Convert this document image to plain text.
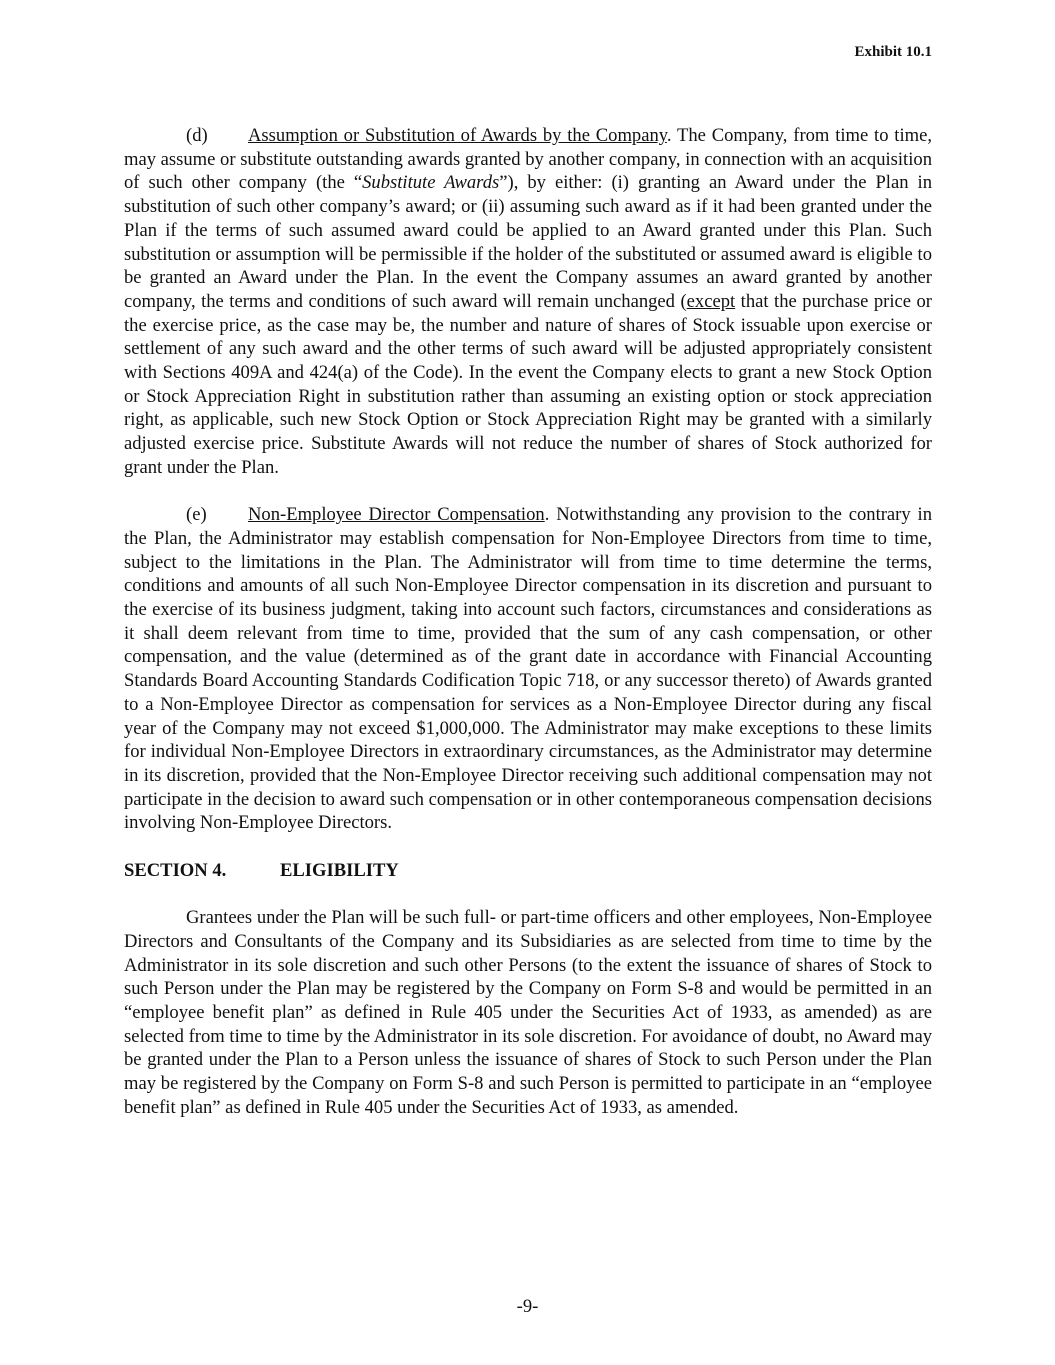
Exhibit 10.1

(d) Assumption or Substitution of Awards by the Company. The Company, from time to time, may assume or substitute outstanding awards granted by another company, in connection with an acquisition of such other company (the “Substitute Awards”), by either: (i) granting an Award under the Plan in substitution of such other company’s award; or (ii) assuming such award as if it had been granted under the Plan if the terms of such assumed award could be applied to an Award granted under this Plan. Such substitution or assumption will be permissible if the holder of the substituted or assumed award is eligible to be granted an Award under the Plan. In the event the Company assumes an award granted by another company, the terms and conditions of such award will remain unchanged (except that the purchase price or the exercise price, as the case may be, the number and nature of shares of Stock issuable upon exercise or settlement of any such award and the other terms of such award will be adjusted appropriately consistent with Sections 409A and 424(a) of the Code). In the event the Company elects to grant a new Stock Option or Stock Appreciation Right in substitution rather than assuming an existing option or stock appreciation right, as applicable, such new Stock Option or Stock Appreciation Right may be granted with a similarly adjusted exercise price. Substitute Awards will not reduce the number of shares of Stock authorized for grant under the Plan.

(e) Non-Employee Director Compensation. Notwithstanding any provision to the contrary in the Plan, the Administrator may establish compensation for Non-Employee Directors from time to time, subject to the limitations in the Plan. The Administrator will from time to time determine the terms, conditions and amounts of all such Non-Employee Director compensation in its discretion and pursuant to the exercise of its business judgment, taking into account such factors, circumstances and considerations as it shall deem relevant from time to time, provided that the sum of any cash compensation, or other compensation, and the value (determined as of the grant date in accordance with Financial Accounting Standards Board Accounting Standards Codification Topic 718, or any successor thereto) of Awards granted to a Non-Employee Director as compensation for services as a Non-Employee Director during any fiscal year of the Company may not exceed $1,000,000. The Administrator may make exceptions to these limits for individual Non-Employee Directors in extraordinary circumstances, as the Administrator may determine in its discretion, provided that the Non-Employee Director receiving such additional compensation may not participate in the decision to award such compensation or in other contemporaneous compensation decisions involving Non-Employee Directors.

SECTION 4.	ELIGIBILITY

Grantees under the Plan will be such full- or part-time officers and other employees, Non-Employee Directors and Consultants of the Company and its Subsidiaries as are selected from time to time by the Administrator in its sole discretion and such other Persons (to the extent the issuance of shares of Stock to such Person under the Plan may be registered by the Company on Form S-8 and would be permitted in an “employee benefit plan” as defined in Rule 405 under the Securities Act of 1933, as amended) as are selected from time to time by the Administrator in its sole discretion. For avoidance of doubt, no Award may be granted under the Plan to a Person unless the issuance of shares of Stock to such Person under the Plan may be registered by the Company on Form S-8 and such Person is permitted to participate in an “employee benefit plan” as defined in Rule 405 under the Securities Act of 1933, as amended.

-9-
